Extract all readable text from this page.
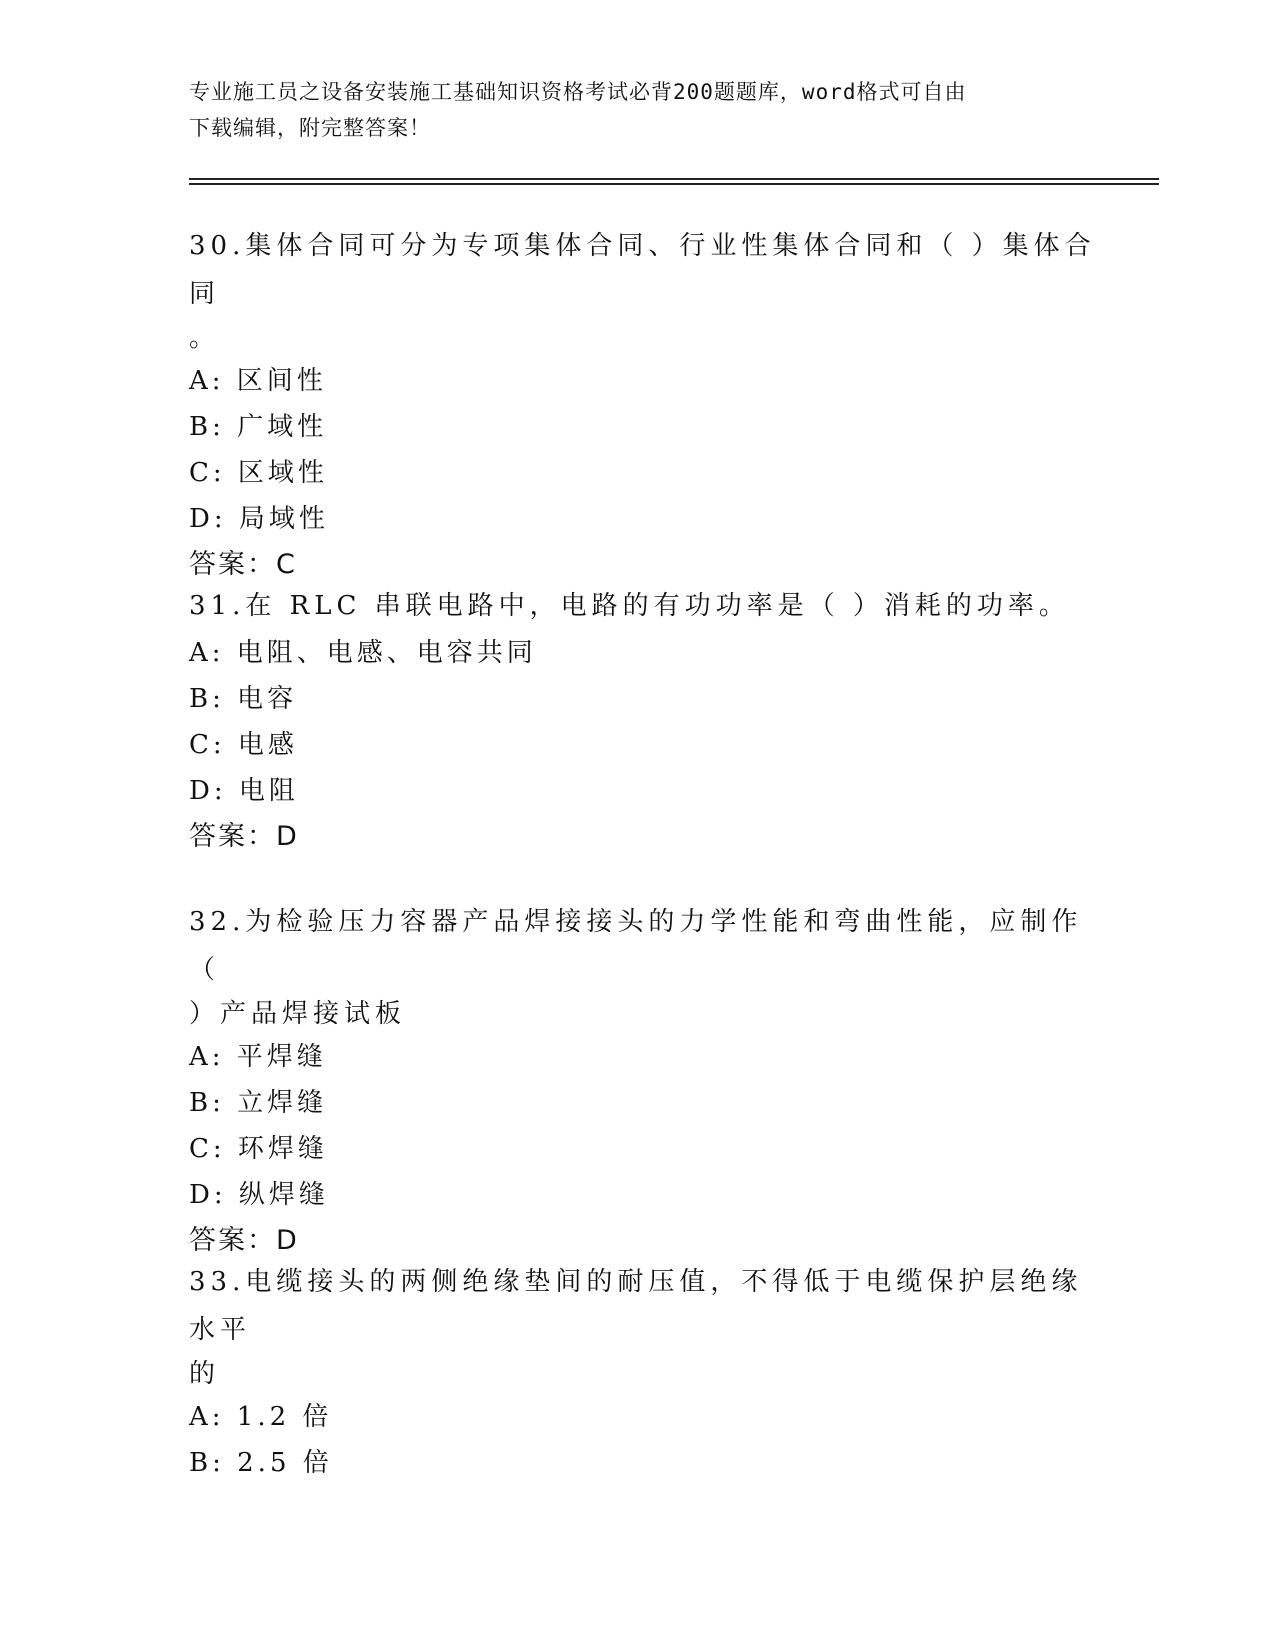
专业施工员之设备安装施工基础知识资格考试必背200题题库，word格式可自由
下载编辑，附完整答案！

30.集体合同可分为专项集体合同、行业性集体合同和（ ）集体合同

。

A: 区间性

B: 广域性

C: 区域性

D: 局域性

答案：C

31.在 RLC 串联电路中，电路的有功功率是（ ）消耗的功率。

A: 电阻、电感、电容共同

B: 电容

C: 电感

D: 电阻

答案：D

32.为检验压力容器产品焊接接头的力学性能和弯曲性能，应制作（

）产品焊接试板

A: 平焊缝

B: 立焊缝

C: 环焊缝

D: 纵焊缝

答案：D

33.电缆接头的两侧绝缘垫间的耐压值，不得低于电缆保护层绝缘水平

的

A: 1.2 倍

B: 2.5 倍
